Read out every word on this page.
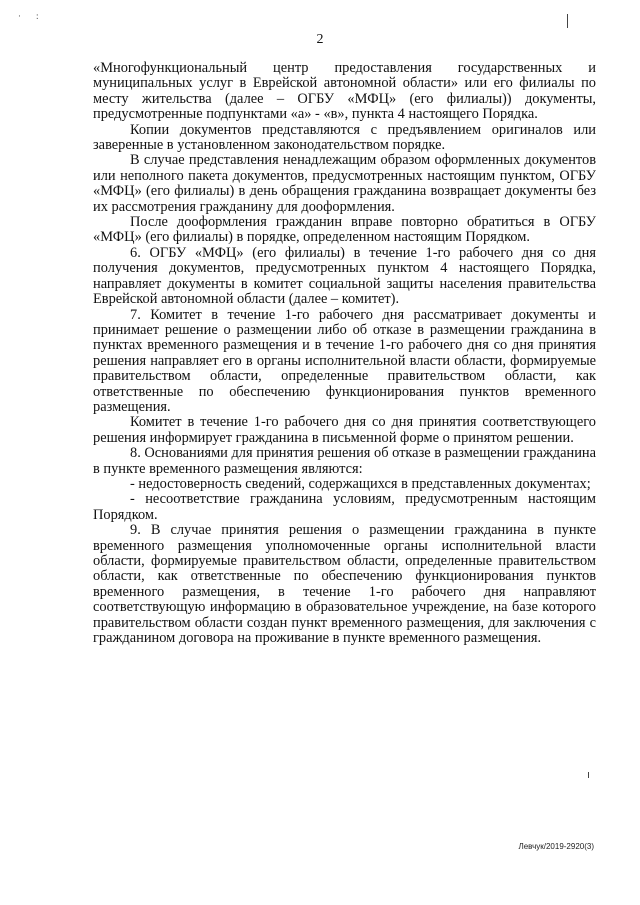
· :
2

«Многофункциональный центр предоставления государственных и муниципальных услуг в Еврейской автономной области» или его филиалы по месту жительства (далее – ОГБУ «МФЦ» (его филиалы)) документы, предусмотренные подпунктами «а» - «в», пункта 4 настоящего Порядка.

Копии документов представляются с предъявлением оригиналов или заверенные в установленном законодательством порядке.

В случае представления ненадлежащим образом оформленных документов или неполного пакета документов, предусмотренных настоящим пунктом, ОГБУ «МФЦ» (его филиалы) в день обращения гражданина возвращает документы без их рассмотрения гражданину для дооформления.

После дооформления гражданин вправе повторно обратиться в ОГБУ «МФЦ» (его филиалы) в порядке, определенном настоящим Порядком.

6. ОГБУ «МФЦ» (его филиалы) в течение 1-го рабочего дня со дня получения документов, предусмотренных пунктом 4 настоящего Порядка, направляет документы в комитет социальной защиты населения правительства Еврейской автономной области (далее – комитет).

7. Комитет в течение 1-го рабочего дня рассматривает документы и принимает решение о размещении либо об отказе в размещении гражданина в пунктах временного размещения и в течение 1-го рабочего дня со дня принятия решения направляет его в органы исполнительной власти области, формируемые правительством области, определенные правительством области, как ответственные по обеспечению функционирования пунктов временного размещения.

Комитет в течение 1-го рабочего дня со дня принятия соответствующего решения информирует гражданина в письменной форме о принятом решении.

8. Основаниями для принятия решения об отказе в размещении гражданина в пункте временного размещения являются:

- недостоверность сведений, содержащихся в представленных документах;

- несоответствие гражданина условиям, предусмотренным настоящим Порядком.

9. В случае принятия решения о размещении гражданина в пункте временного размещения уполномоченные органы исполнительной власти области, формируемые правительством области, определенные правительством области, как ответственные по обеспечению функционирования пунктов временного размещения, в течение 1-го рабочего дня направляют соответствующую информацию в образовательное учреждение, на базе которого правительством области создан пункт временного размещения, для заключения с гражданином договора на проживание в пункте временного размещения.

Левчук/2019-2920(3)
